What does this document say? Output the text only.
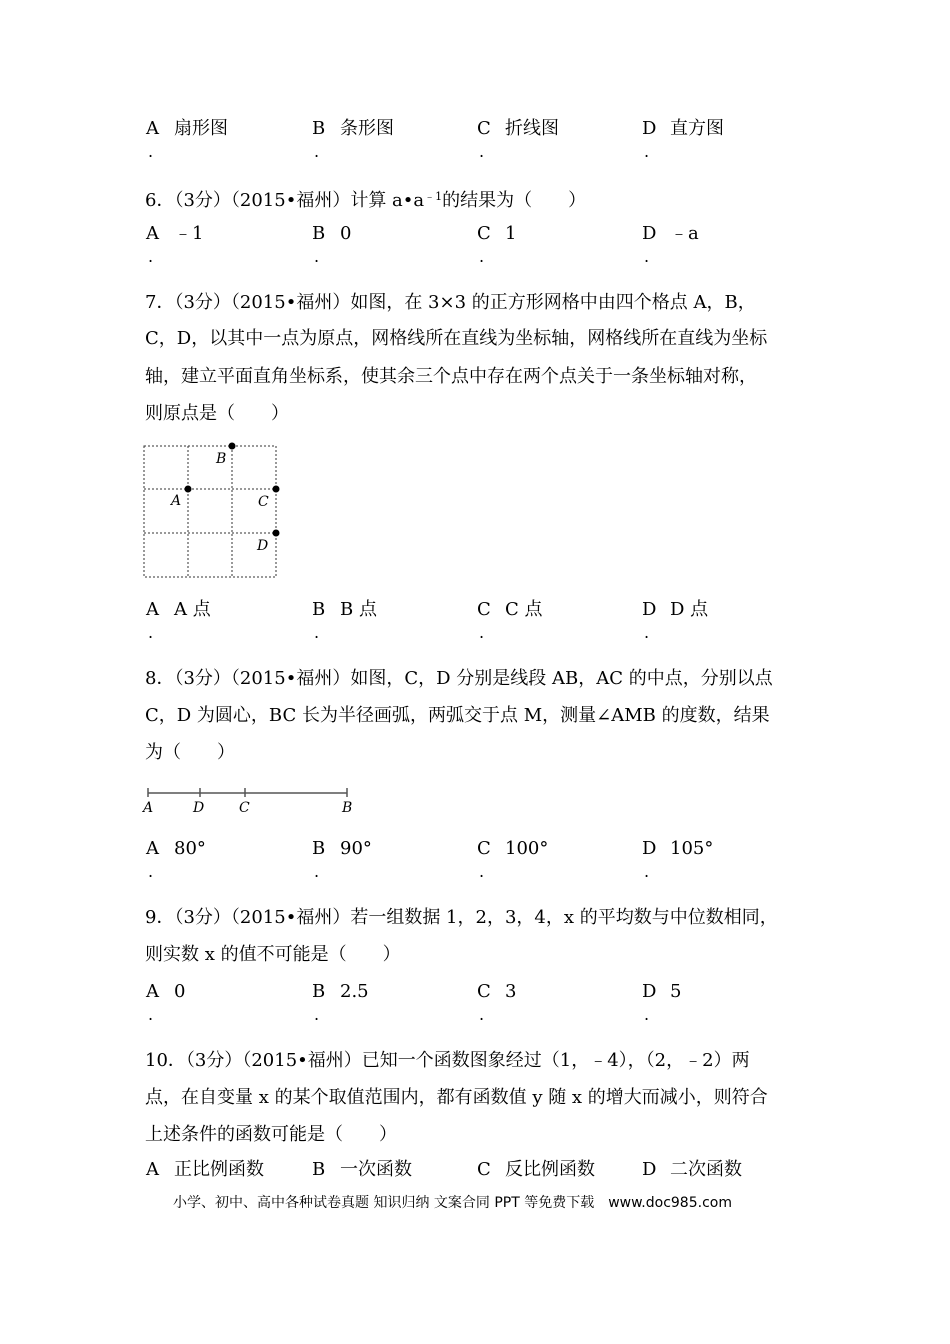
A 扇形图	B 条形图	C 折线图	D 直方图
.	.	.	.
6．（3分）（2015•福州）计算 $a•a^{﹣1}$的结果为（　　）
A ﹣1	B 0	C 1	D ﹣a
.	.	.	.
7．（3分）（2015•福州）如图，在 3×3 的正方形网格中由四个格点 A，B，
C，D，以其中一点为原点，网格线所在直线为坐标轴，网格线所在直线为坐标
轴，建立平面直角坐标系，使其余三个点中存在两个点关于一条坐标轴对称，
则原点是（　　）
B
A	C
D
A A 点	B B 点	C C 点	D D 点
.	.	.	.
8．（3分）（2015•福州）如图，C，D 分别是线段 AB，AC 的中点，分别以点
C，D 为圆心，BC 长为半径画弧，两弧交于点 M，测量∠AMB 的度数，结果
为（　　）
A	D C	B
A 80°	B 90°	C 100°	D 105°
.	.	.	.
9．（3分）（2015•福州）若一组数据 1，2，3，4，x 的平均数与中位数相同，
则实数 x 的值不可能是（　　）
A 0	B 2.5	C 3	D 5
.	.	.	.
10．（3分）（2015•福州）已知一个函数图象经过（1，﹣4），（2，﹣2）两
点，在自变量 x 的某个取值范围内，都有函数值 y 随 x 的增大而减小，则符合
上述条件的函数可能是（　　）
A 正比例函数	B 一次函数	C 反比例函数	D 二次函数
小学、初中、高中各种试卷真题 知识归纳 文案合同 PPT 等免费下载　www.doc985.com
